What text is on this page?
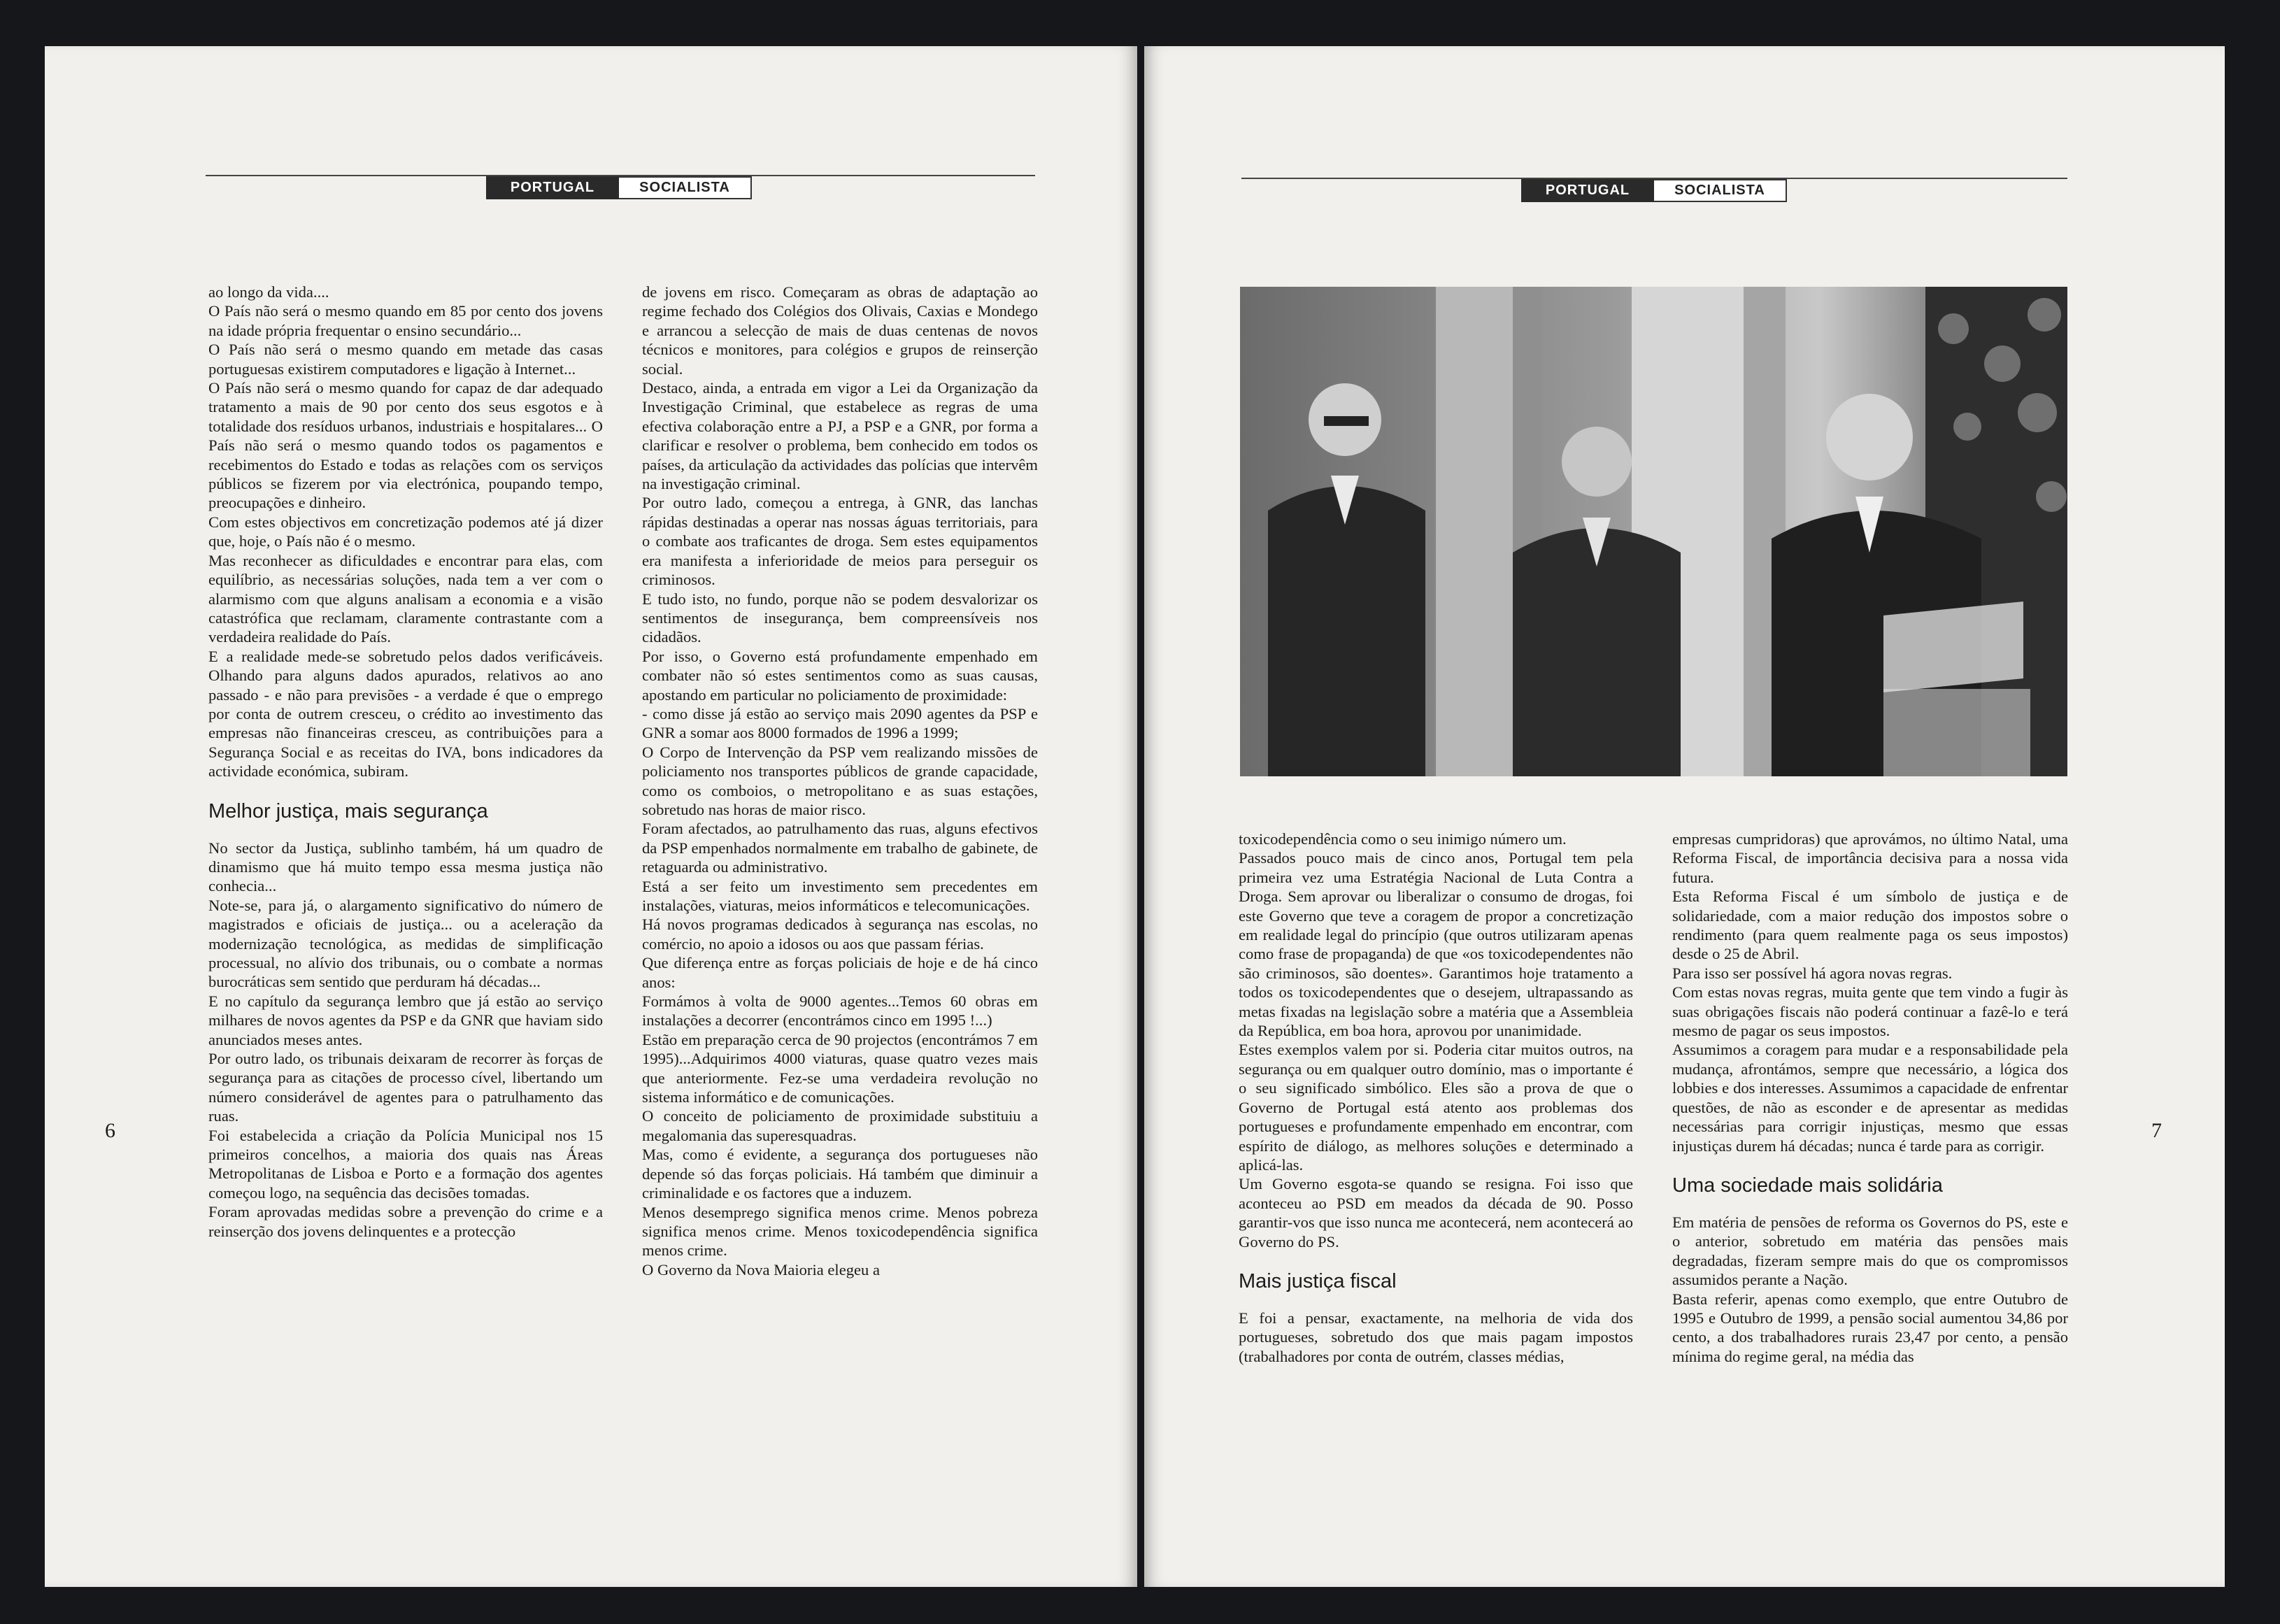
PORTUGAL	SOCIALISTA	PORTUGAL	SOCIALISTA

ao longo da vida....

O País não será o mesmo quando em 85 por cento dos jovens na idade própria frequentar o ensino secundário...

O País não será o mesmo quando em metade das casas portuguesas existirem computadores e ligação à Internet...

O País não será o mesmo quando for capaz de dar adequado tratamento a mais de 90 por cento dos seus esgotos e à totalidade dos resíduos urbanos, industriais e hospitalares... O País não será o mesmo quando todos os pagamentos e recebimentos do Estado e todas as relações com os serviços públicos se fizerem por via electrónica, poupando tempo, preocupações e dinheiro.

Com estes objectivos em concretização podemos até já dizer que, hoje, o País não é o mesmo.

Mas reconhecer as dificuldades e encontrar para elas, com equilíbrio, as necessárias soluções, nada tem a ver com o alarmismo com que alguns analisam a economia e a visão catastrófica que reclamam, claramente contrastante com a verdadeira realidade do País.

E a realidade mede-se sobretudo pelos dados verificáveis. Olhando para alguns dados apurados, relativos ao ano passado - e não para previsões - a verdade é que o emprego por conta de outrem cresceu, o crédito ao investimento das empresas não financeiras cresceu, as contribuições para a Segurança Social e as receitas do IVA, bons indicadores da actividade económica, subiram.

Melhor justiça, mais segurança

No sector da Justiça, sublinho também, há um quadro de dinamismo que há muito tempo essa mesma justiça não conhecia...

Note-se, para já, o alargamento significativo do número de magistrados e oficiais de justiça... ou a aceleração da modernização tecnológica, as medidas de simplificação processual, no alívio dos tribunais, ou o combate a normas burocráticas sem sentido que perduram há décadas...

E no capítulo da segurança lembro que já estão ao serviço milhares de novos agentes da PSP e da GNR que haviam sido anunciados meses antes.

Por outro lado, os tribunais deixaram de recorrer às forças de segurança para as citações de processo cível, libertando um número considerável de agentes para o patrulhamento das ruas.

Foi estabelecida a criação da Polícia Municipal nos 15 primeiros concelhos, a maioria dos quais nas Áreas Metropolitanas de Lisboa e Porto e a formação dos agentes começou logo, na sequência das decisões tomadas.

Foram aprovadas medidas sobre a prevenção do crime e a reinserção dos jovens delinquentes e a protecção

de jovens em risco. Começaram as obras de adaptação ao regime fechado dos Colégios dos Olivais, Caxias e Mondego e arrancou a selecção de mais de duas centenas de novos técnicos e monitores, para colégios e grupos de reinserção social.

Destaco, ainda, a entrada em vigor a Lei da Organização da Investigação Criminal, que estabelece as regras de uma efectiva colaboração entre a PJ, a PSP e a GNR, por forma a clarificar e resolver o problema, bem conhecido em todos os países, da articulação da actividades das polícias que intervêm na investigação criminal.

Por outro lado, começou a entrega, à GNR, das lanchas rápidas destinadas a operar nas nossas águas territoriais, para o combate aos traficantes de droga. Sem estes equipamentos era manifesta a inferioridade de meios para perseguir os criminosos.

E tudo isto, no fundo, porque não se podem desvalorizar os sentimentos de insegurança, bem compreensíveis nos cidadãos.

Por isso, o Governo está profundamente empenhado em combater não só estes sentimentos como as suas causas, apostando em particular no policiamento de proximidade:

- como disse já estão ao serviço mais 2090 agentes da PSP e GNR a somar aos 8000 formados de 1996 a 1999;

O Corpo de Intervenção da PSP vem realizando missões de policiamento nos transportes públicos de grande capacidade, como os comboios, o metropolitano e as suas estações, sobretudo nas horas de maior risco.

Foram afectados, ao patrulhamento das ruas, alguns efectivos da PSP empenhados normalmente em trabalho de gabinete, de retaguarda ou administrativo.

Está a ser feito um investimento sem precedentes em instalações, viaturas, meios informáticos e telecomunicações.

Há novos programas dedicados à segurança nas escolas, no comércio, no apoio a idosos ou aos que passam férias.

Que diferença entre as forças policiais de hoje e de há cinco anos:

Formámos à volta de 9000 agentes...Temos 60 obras em instalações a decorrer (encontrámos cinco em 1995 !...)

Estão em preparação cerca de 90 projectos (encontrámos 7 em 1995)...Adquirimos 4000 viaturas, quase quatro vezes mais que anteriormente. Fez-se uma verdadeira revolução no sistema informático e de comunicações.

O conceito de policiamento de proximidade substituiu a megalomania das superesquadras.

Mas, como é evidente, a segurança dos portugueses não depende só das forças policiais. Há também que diminuir a criminalidade e os factores que a induzem.

Menos desemprego significa menos crime. Menos pobreza significa menos crime. Menos toxicodependência significa menos crime.

O Governo da Nova Maioria elegeu a

6

toxicodependência como o seu inimigo número um.

Passados pouco mais de cinco anos, Portugal tem pela primeira vez uma Estratégia Nacional de Luta Contra a Droga. Sem aprovar ou liberalizar o consumo de drogas, foi este Governo que teve a coragem de propor a concretização em realidade legal do princípio (que outros utilizaram apenas como frase de propaganda) de que «os toxicodependentes não são criminosos, são doentes». Garantimos hoje tratamento a todos os toxicodependentes que o desejem, ultrapassando as metas fixadas na legislação sobre a matéria que a Assembleia da República, em boa hora, aprovou por unanimidade.

Estes exemplos valem por si. Poderia citar muitos outros, na segurança ou em qualquer outro domínio, mas o importante é o seu significado simbólico. Eles são a prova de que o Governo de Portugal está atento aos problemas dos portugueses e profundamente empenhado em encontrar, com espírito de diálogo, as melhores soluções e determinado a aplicá-las.

Um Governo esgota-se quando se resigna. Foi isso que aconteceu ao PSD em meados da década de 90. Posso garantir-vos que isso nunca me acontecerá, nem acontecerá ao Governo do PS.

Mais justiça fiscal

E foi a pensar, exactamente, na melhoria de vida dos portugueses, sobretudo dos que mais pagam impostos (trabalhadores por conta de outrém, classes médias,

empresas cumpridoras) que aprovámos, no último Natal, uma Reforma Fiscal, de importância decisiva para a nossa vida futura.

Esta Reforma Fiscal é um símbolo de justiça e de solidariedade, com a maior redução dos impostos sobre o rendimento (para quem realmente paga os seus impostos) desde o 25 de Abril.

Para isso ser possível há agora novas regras.

Com estas novas regras, muita gente que tem vindo a fugir às suas obrigações fiscais não poderá continuar a fazê-lo e terá mesmo de pagar os seus impostos.

Assumimos a coragem para mudar e a responsabilidade pela mudança, afrontámos, sempre que necessário, a lógica dos lobbies e dos interesses. Assumimos a capacidade de enfrentar questões, de não as esconder e de apresentar as medidas necessárias para corrigir injustiças, mesmo que essas injustiças durem há décadas; nunca é tarde para as corrigir.

Uma sociedade mais solidária

Em matéria de pensões de reforma os Governos do PS, este e o anterior, sobretudo em matéria das pensões mais degradadas, fizeram sempre mais do que os compromissos assumidos perante a Nação.

Basta referir, apenas como exemplo, que entre Outubro de 1995 e Outubro de 1999, a pensão social aumentou 34,86 por cento, a dos trabalhadores rurais 23,47 por cento, a pensão mínima do regime geral, na média das

7
